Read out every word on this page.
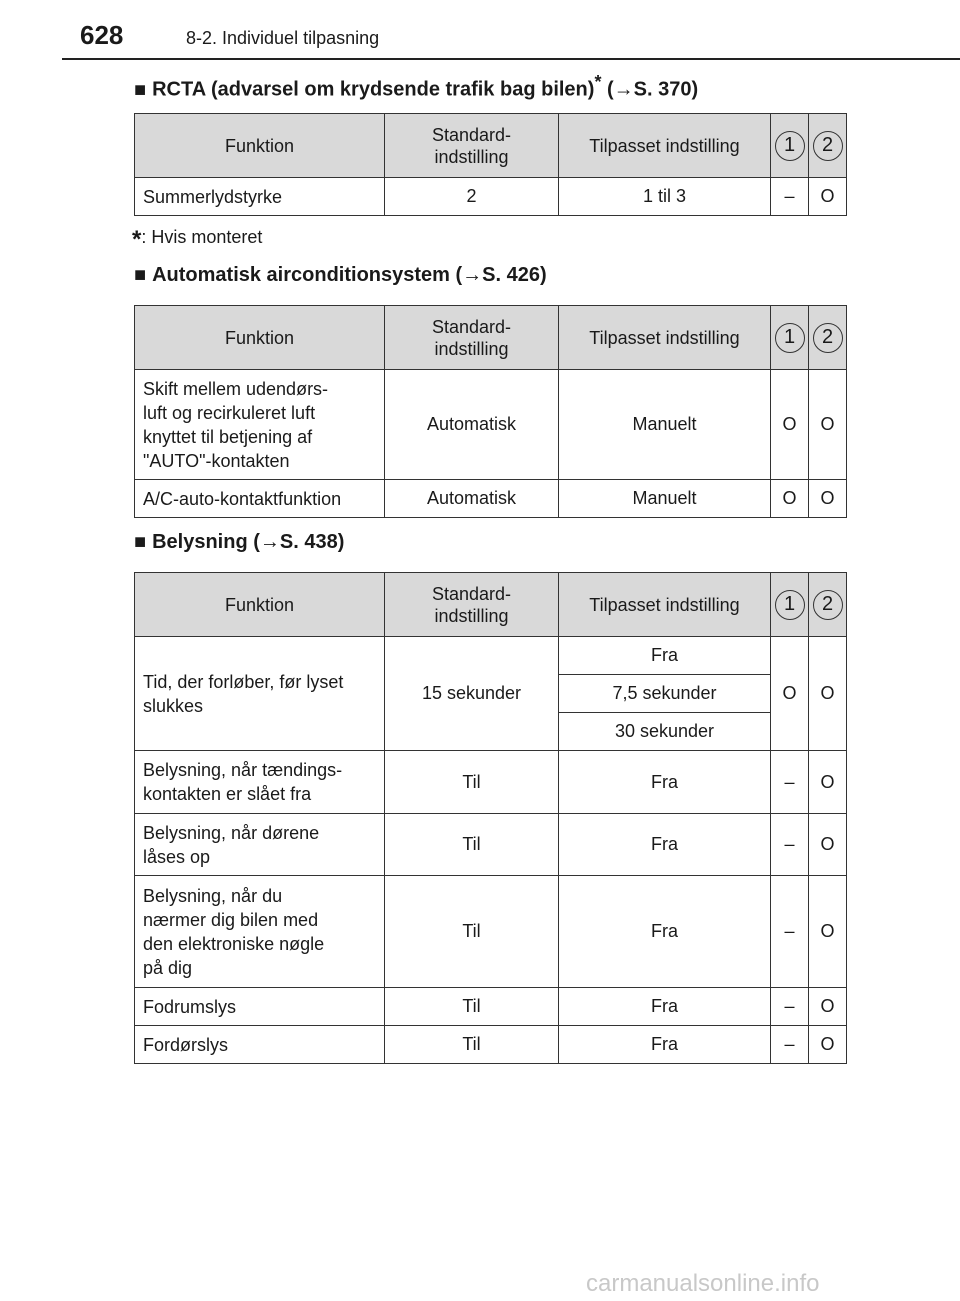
628	8-2. Individuel tilpasning
■ RCTA (advarsel om krydsende trafik bag bilen)* (→S. 370)
Funktion	Standard-
indstilling	Tilpasset indstilling	1	2
Summerlydstyrke	2	1 til 3	–	O
*: Hvis monteret
■ Automatisk airconditionsystem (→S. 426)
Funktion	Standard-
indstilling	Tilpasset indstilling	1	2
Skift mellem udendørs-
luft og recirkuleret luft
knyttet til betjening af
"AUTO"-kontakten	Automatisk	Manuelt	O	O
A/C-auto-kontaktfunktion	Automatisk	Manuelt	O	O
■ Belysning (→S. 438)
Funktion	Standard-
indstilling	Tilpasset indstilling	1	2
Tid, der forløber, før lyset
slukkes	15 sekunder	Fra	O	O
		7,5 sekunder		
		30 sekunder		
Belysning, når tændings-
kontakten er slået fra	Til	Fra	–	O
Belysning, når dørene
låses op	Til	Fra	–	O
Belysning, når du
nærmer dig bilen med
den elektroniske nøgle
på dig	Til	Fra	–	O
Fodrumslys	Til	Fra	–	O
Fordørslys	Til	Fra	–	O
carmanualsonline.info
